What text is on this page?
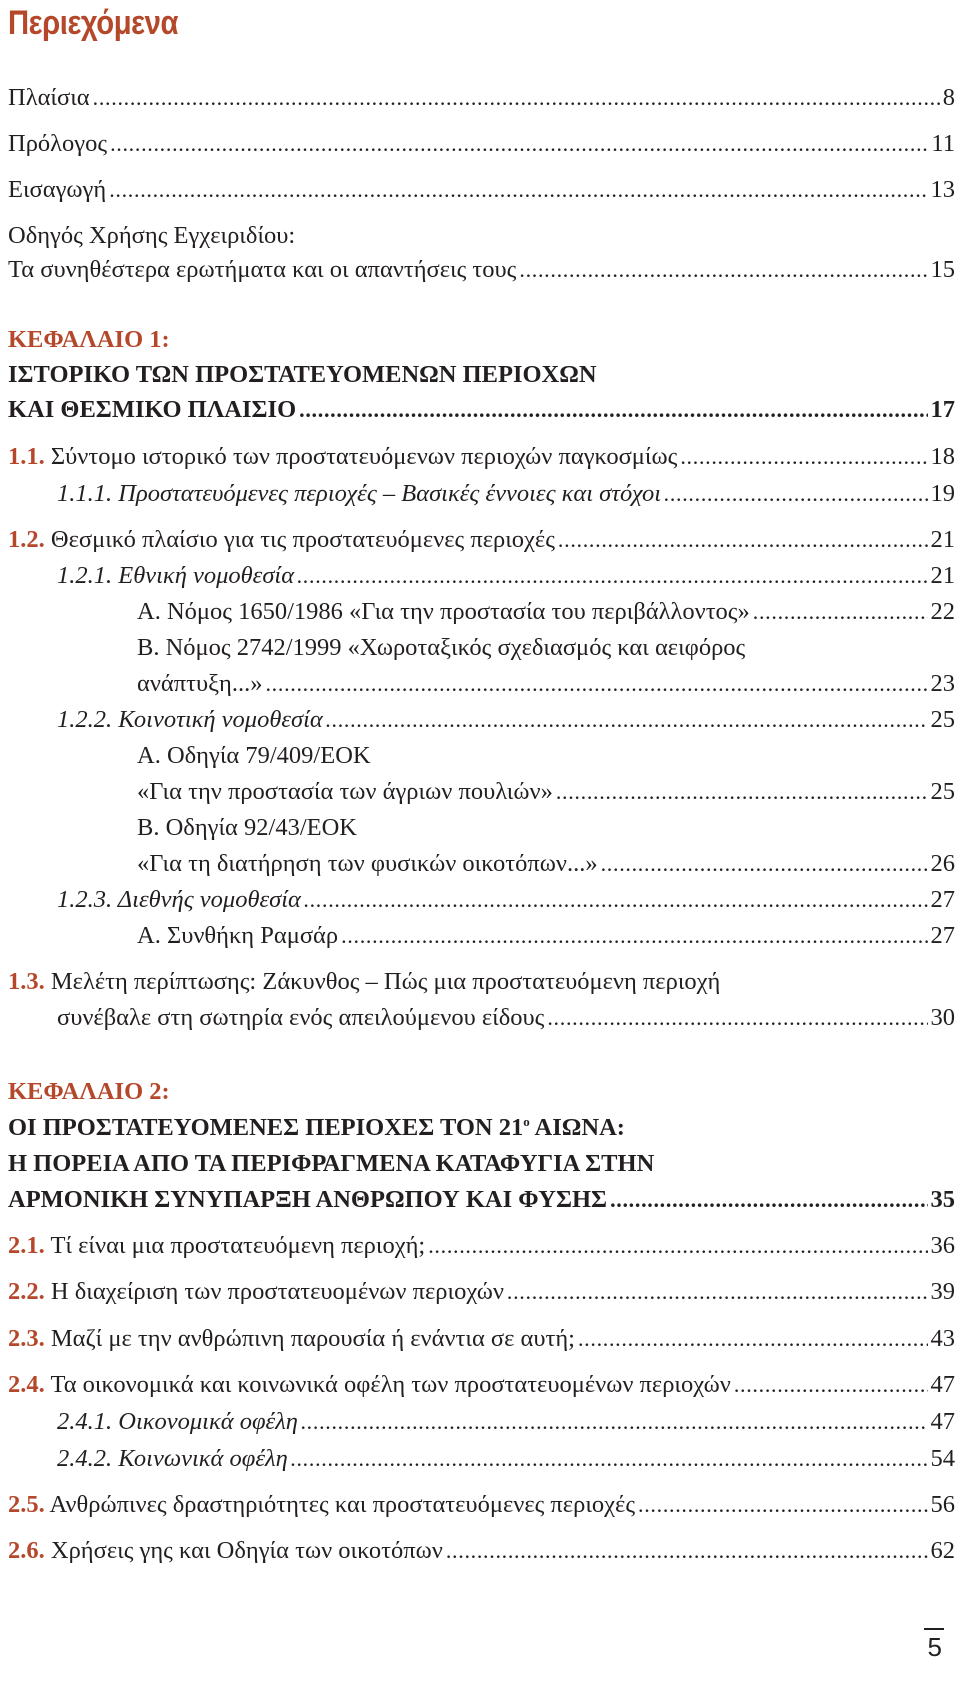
Περιεχόμενα
Πλαίσια . . .	8
Πρόλογος . . .	11
Εισαγωγή . . .	13
Οδηγός Χρήσης Εγχειριδίου:
Τα συνηθέστερα ερωτήματα και οι απαντήσεις τους . . .	15
ΚΕΦΑΛΑΙΟ 1:
ΙΣΤΟΡΙΚΟ ΤΩΝ ΠΡΟΣΤΑΤΕΥΟΜΕΝΩΝ ΠΕΡΙΟΧΩΝ
ΚΑΙ ΘΕΣΜΙΚΟ ΠΛΑΙΣΙΟ . . .	17
1.1. Σύντομο ιστορικό των προστατευόμενων περιοχών παγκοσμίως . . .	18
1.1.1. Προστατευόμενες περιοχές – Βασικές έννοιες και στόχοι . . .	19
1.2. Θεσμικό πλαίσιο για τις προστατευόμενες περιοχές . . .	21
1.2.1. Εθνική νομοθεσία . . .	21
Α. Νόμος 1650/1986 «Για την προστασία του περιβάλλοντος» . . .	22
Β. Νόμος 2742/1999 «Χωροταξικός σχεδιασμός και αειφόρος
ανάπτυξη...» . . .	23
1.2.2. Κοινοτική νομοθεσία . . .	25
Α. Οδηγία 79/409/ΕΟΚ
«Για την προστασία των άγριων πουλιών» . . .	25
Β. Οδηγία 92/43/ΕΟΚ
«Για τη διατήρηση των φυσικών οικοτόπων...» . . .	26
1.2.3. Διεθνής νομοθεσία . . .	27
Α. Συνθήκη Ραμσάρ . . .	27
1.3. Μελέτη περίπτωσης: Ζάκυνθος – Πώς μια προστατευόμενη περιοχή
συνέβαλε στη σωτηρία ενός απειλούμενου είδους . . .	30
ΚΕΦΑΛΑΙΟ 2:
ΟΙ ΠΡΟΣΤΑΤΕΥΟΜΕΝΕΣ ΠΕΡΙΟΧΕΣ ΤΟΝ $21^o$ ΑΙΩΝΑ:
Η ΠΟΡΕΙΑ ΑΠΟ ΤΑ ΠΕΡΙΦΡΑΓΜΕΝΑ ΚΑΤΑΦΥΓΙΑ ΣΤΗΝ
ΑΡΜΟΝΙΚΗ ΣΥΝΥΠΑΡΞΗ ΑΝΘΡΩΠΟΥ ΚΑΙ ΦΥΣΗΣ . . .	35
2.1. Τί είναι μια προστατευόμενη περιοχή; . . .	36
2.2. Η διαχείριση των προστατευομένων περιοχών . . .	39
2.3. Μαζί με την ανθρώπινη παρουσία ή ενάντια σε αυτή; . . .	43
2.4. Τα οικονομικά και κοινωνικά οφέλη των προστατευομένων περιοχών . . .	47
2.4.1. Οικονομικά οφέλη . . .	47
2.4.2. Κοινωνικά οφέλη . . .	54
2.5. Ανθρώπινες δραστηριότητες και προστατευόμενες περιοχές . . .	56
2.6. Χρήσεις γης και Οδηγία των οικοτόπων . . .	62
5
